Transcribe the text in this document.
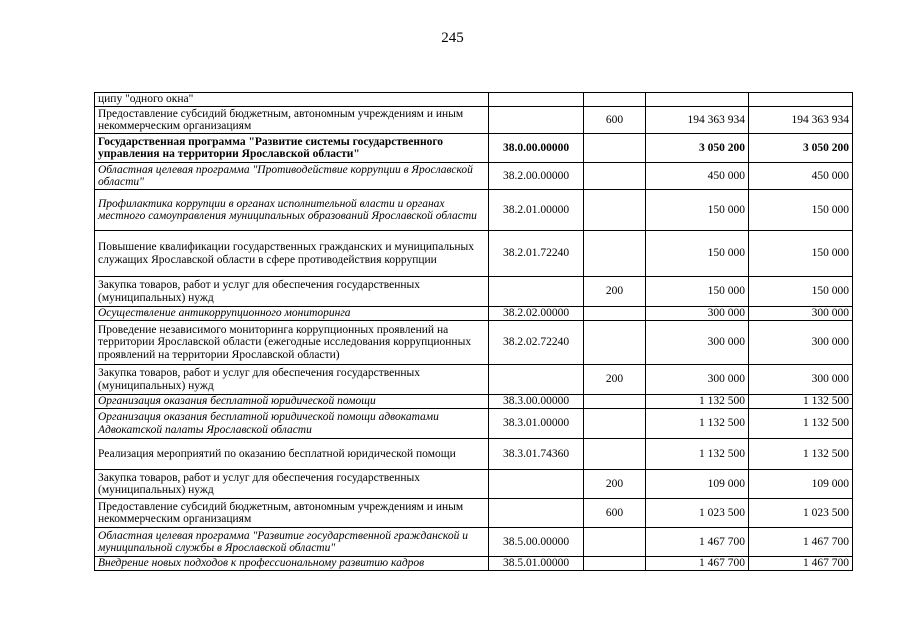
245
ципу "одного окна"				
Предоставление субсидий бюджетным, автономным учреждениям и иным некоммерческим организациям		600	194 363 934	194 363 934
Государственная программа "Развитие системы государственного управления на территории Ярославской области"	38.0.00.00000		3 050 200	3 050 200
Областная целевая программа "Противодействие коррупции в Ярославской области"	38.2.00.00000		450 000	450 000
Профилактика коррупции в органах исполнительной власти и органах местного самоуправления муниципальных образований Ярославской области	38.2.01.00000		150 000	150 000
Повышение квалификации государственных гражданских и муниципальных служащих Ярославской области в сфере противодействия коррупции	38.2.01.72240		150 000	150 000
Закупка товаров, работ и услуг для обеспечения государственных (муниципальных) нужд		200	150 000	150 000
Осуществление антикоррупционного мониторинга	38.2.02.00000		300 000	300 000
Проведение независимого мониторинга коррупционных проявлений на территории Ярославской области (ежегодные исследования коррупционных проявлений на территории Ярославской области)	38.2.02.72240		300 000	300 000
Закупка товаров, работ и услуг для обеспечения государственных (муниципальных) нужд		200	300 000	300 000
Организация оказания бесплатной юридической помощи	38.3.00.00000		1 132 500	1 132 500
Организация оказания бесплатной юридической помощи адвокатами Адвокатской палаты Ярославской области	38.3.01.00000		1 132 500	1 132 500
Реализация мероприятий по оказанию бесплатной юридической помощи	38.3.01.74360		1 132 500	1 132 500
Закупка товаров, работ и услуг для обеспечения государственных (муниципальных) нужд		200	109 000	109 000
Предоставление субсидий бюджетным, автономным учреждениям и иным некоммерческим организациям		600	1 023 500	1 023 500
Областная целевая программа "Развитие государственной гражданской и муниципальной службы в Ярославской области"	38.5.00.00000		1 467 700	1 467 700
Внедрение новых подходов к профессиональному развитию кадров	38.5.01.00000		1 467 700	1 467 700
